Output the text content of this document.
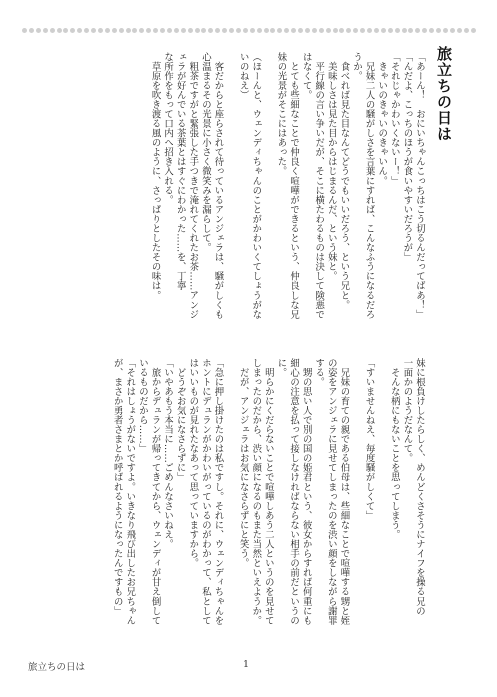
旅立ちの日は

「あーん！　おにいちゃんこっちはこう切るんだってばあ！」

「んだよ、こっちのほうが食いやすいだろうが」

「それじゃかわいくないー！」

　きゃいのきゃいのきゃいん。

　兄妹二人の騒がしさを言葉にすれば、こんなふうになるだろ

うか。

　食べれば見た目なんてどうでもいいだろう、という兄と。

　美味しさは見た目からはじまるんだ、という妹と。

　平行線の言い争いだが、そこに横たわるものは決して険悪で

はなくて。

　とても些細なことで仲良く喧嘩ができるという、仲良しな兄

妹の光景がそこにはあった。

（ほーんと、ウェンディちゃんのことがかわいくてしょうがな

いのねえ）

　客だからと座らされて待っているアンジェラは、騒がしくも

心温まるその光景に小さく微笑みを漏らして。

　粗茶ですがと緊張した手つきで淹れてくれたお茶……アンジ

ェラが好んでいる茶葉とはすぐにわかった……を、丁寧

な所作をもって口内へ招き入れる。

　草原を吹き渡る風のように、さっぱりとしたその味は。

妹に根負けしたらしく、めんどくさそうにナイフを操る兄の

一面かのようだなんて。

　そんな柄にもないことを思ってしまう。

「すいませんねえ、毎度騒がしくて」

　兄妹の育ての親である伯母は、些細なことで喧嘩する甥と姪

の姿をアンジェラに見せてしまったのを渋い顔をしながら謝罪

する。

　甥の思い人で別の国の姫君という、彼女からすれば何重にも

細心の注意を払って接しなければならない相手の前だというの

に。

　明らかにくだらないことで喧嘩しあう二人というのを見せて

しまったのだから、渋い顔になるのもまた当然といえようか。

　だが、アンジェラはお気になさらずにと笑う。

「急に押し掛けたのは私ですし。それに、ウェンディちゃんを

ホントにデュランがかわいがっているのがわかって、私として

はいいものが見れたなあって思っていますから。

　どうぞお気になさらずに」

「いやあもう本当に……ごめんなさいねえ。

　旅からデュランが帰ってきてから、ウェンディが甘え倒して

いるものだから……」

「それはしょうがないですよ。いきなり飛び出したお兄ちゃん

が、まさか勇者さまとか呼ばれるようになったんですもの」

旅立ちの日は	1
